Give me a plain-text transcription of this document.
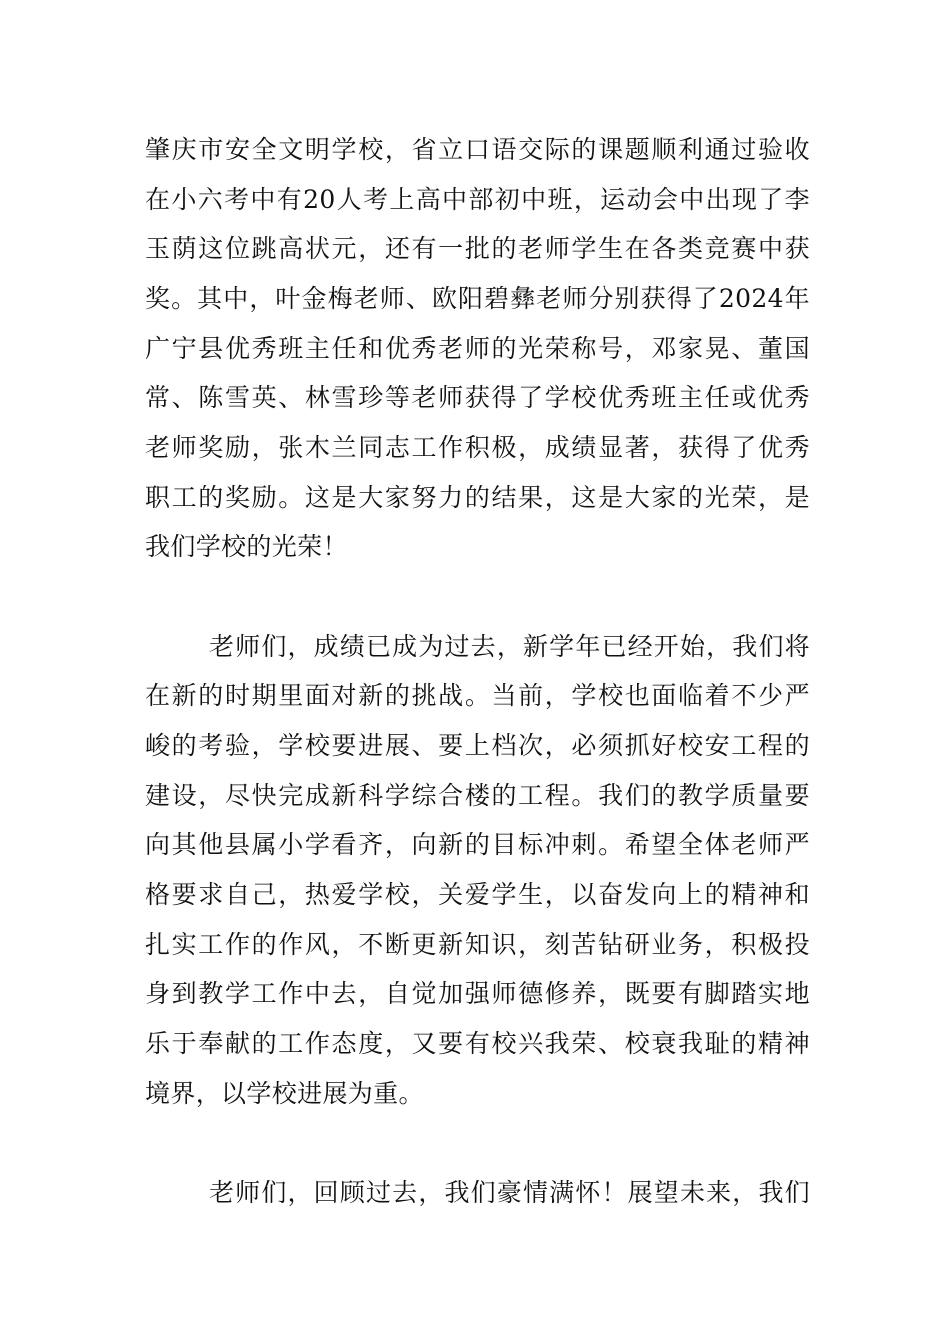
肇庆市安全文明学校，省立口语交际的课题顺利通过验收
在小六考中有20人考上高中部初中班，运动会中出现了李
玉荫这位跳高状元，还有一批的老师学生在各类竞赛中获
奖。其中，叶金梅老师、欧阳碧彝老师分别获得了2024年
广宁县优秀班主任和优秀老师的光荣称号，邓家晃、董国
常、陈雪英、林雪珍等老师获得了学校优秀班主任或优秀
老师奖励，张木兰同志工作积极，成绩显著，获得了优秀
职工的奖励。这是大家努力的结果，这是大家的光荣，是
我们学校的光荣！
老师们，成绩已成为过去，新学年已经开始，我们将
在新的时期里面对新的挑战。当前，学校也面临着不少严
峻的考验，学校要进展、要上档次，必须抓好校安工程的
建设，尽快完成新科学综合楼的工程。我们的教学质量要
向其他县属小学看齐，向新的目标冲刺。希望全体老师严
格要求自己，热爱学校，关爱学生，以奋发向上的精神和
扎实工作的作风，不断更新知识，刻苦钻研业务，积极投
身到教学工作中去，自觉加强师德修养，既要有脚踏实地
乐于奉献的工作态度，又要有校兴我荣、校衰我耻的精神
境界，以学校进展为重。
老师们，回顾过去，我们豪情满怀！展望未来，我们
